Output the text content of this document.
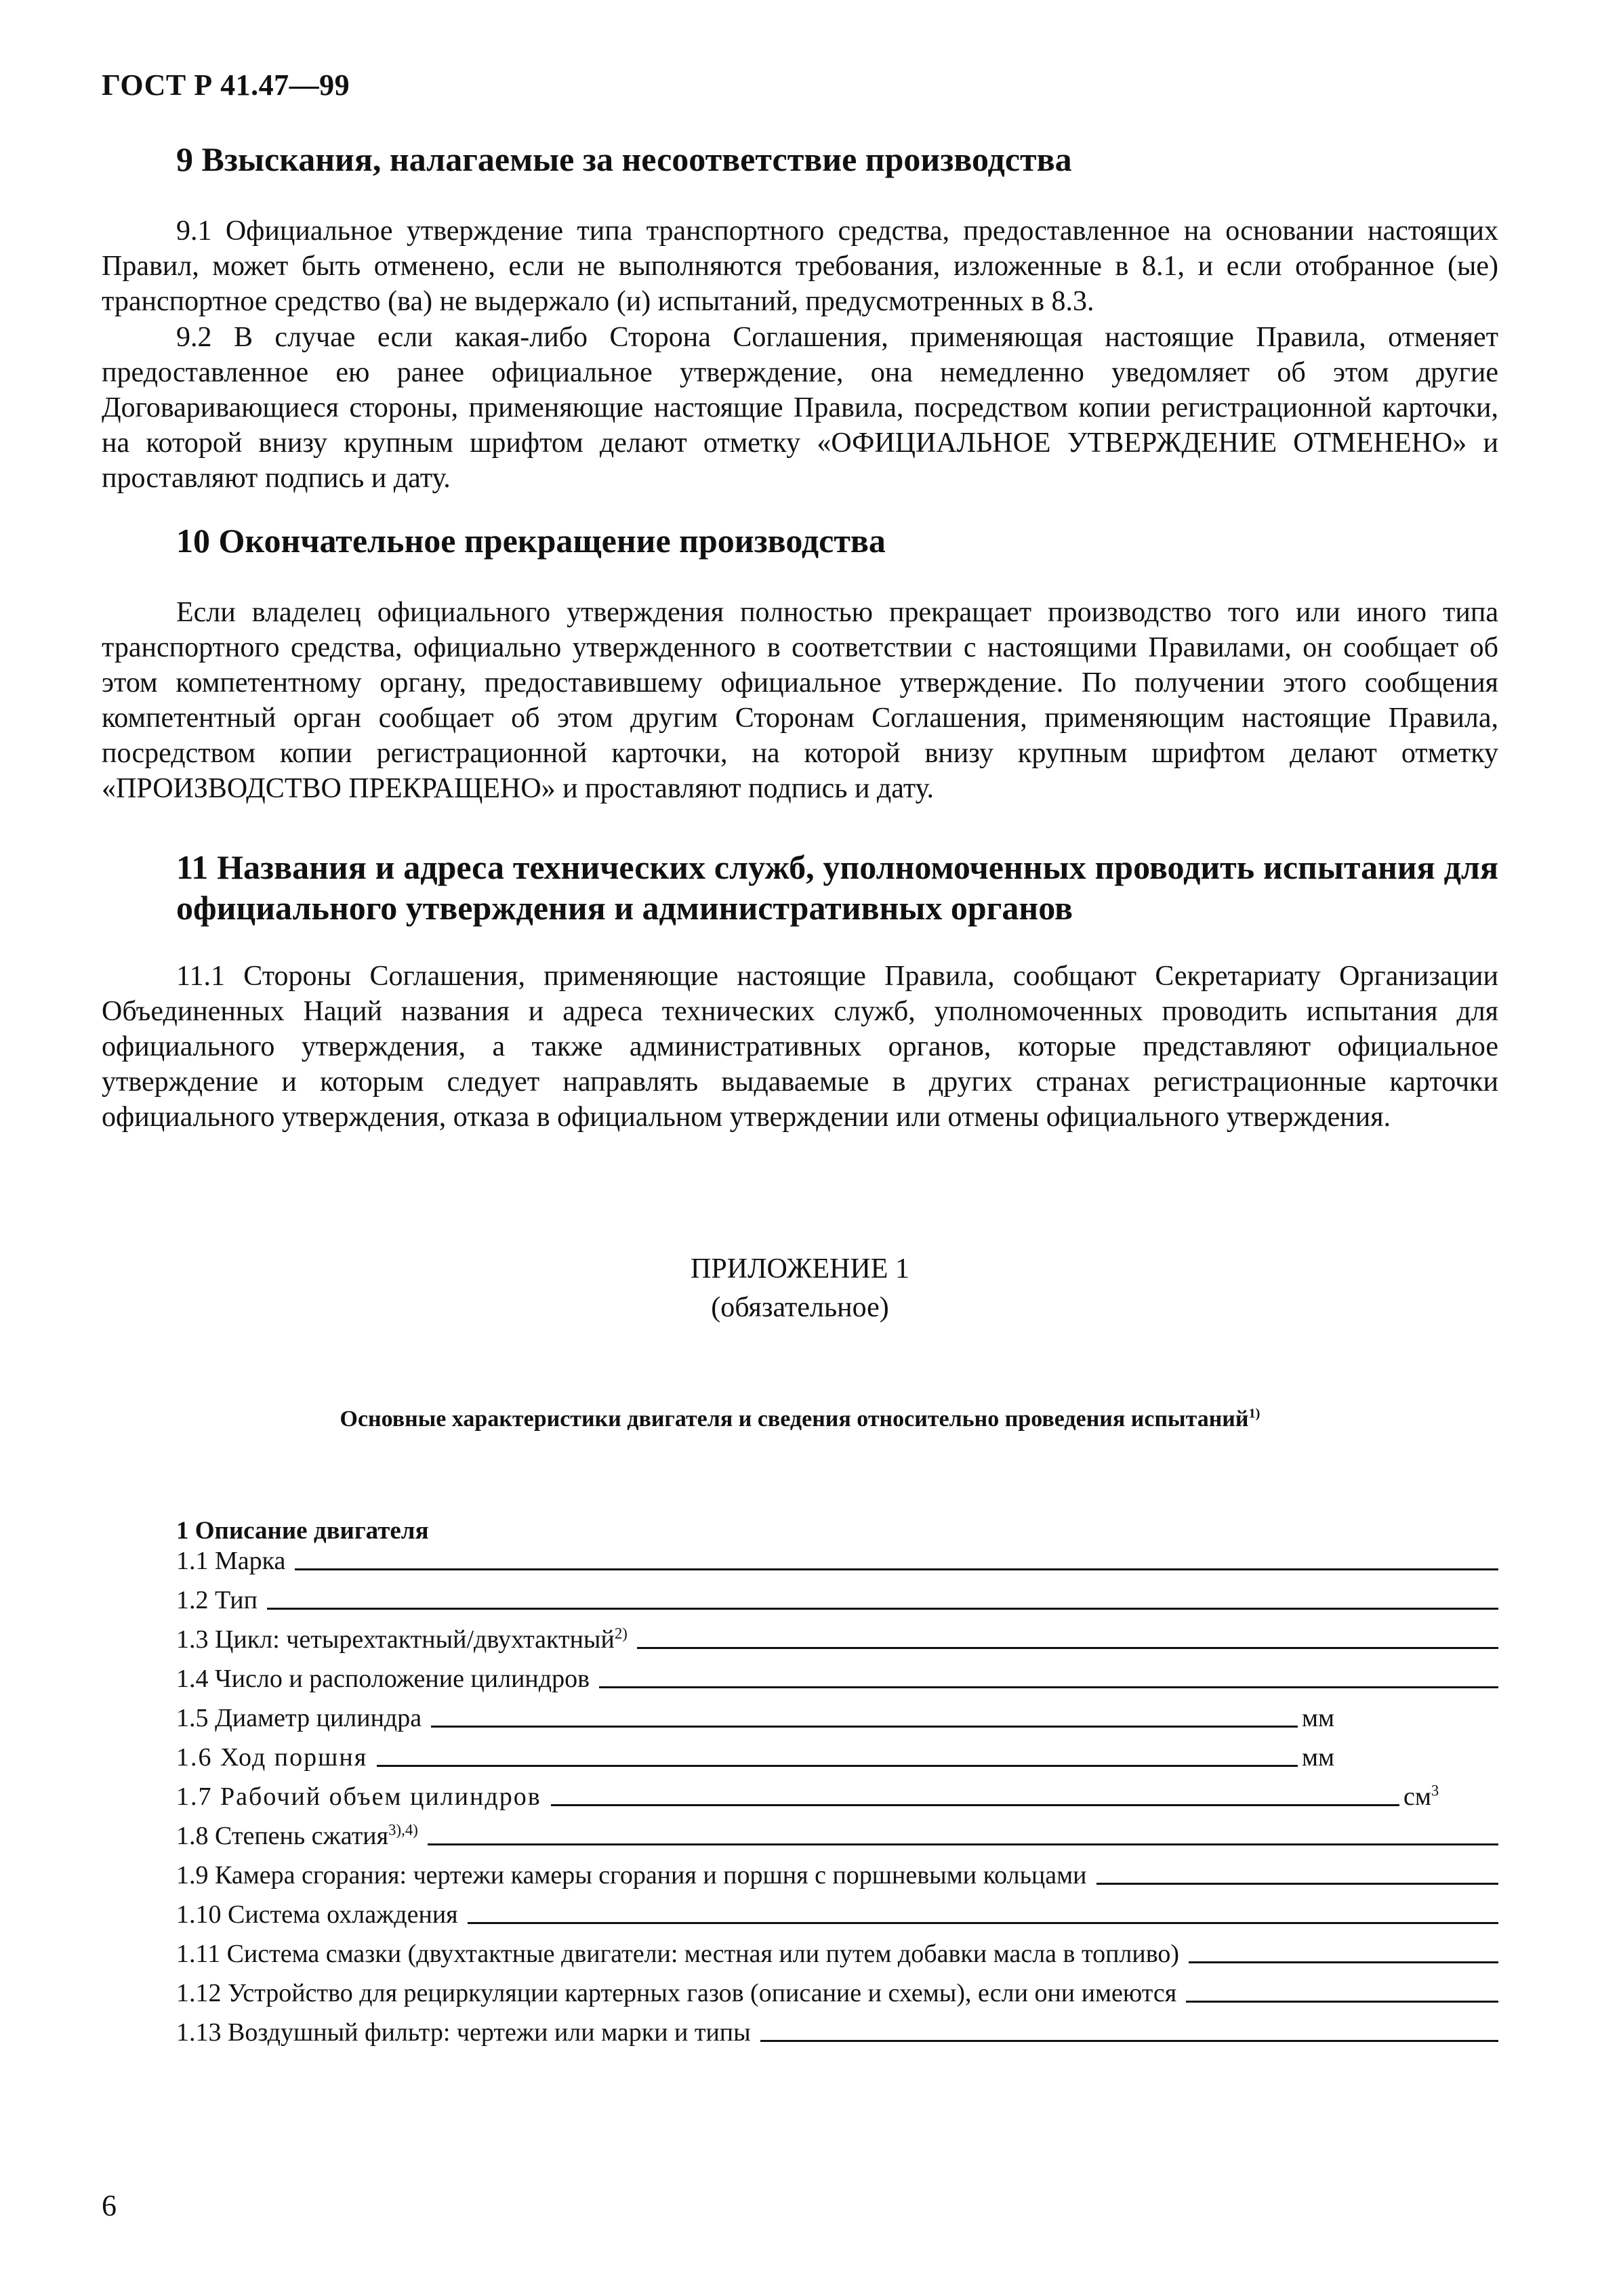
ГОСТ Р 41.47—99
9 Взыскания, налагаемые за несоответствие производства

9.1 Официальное утверждение типа транспортного средства, предоставленное на основании настоящих Правил, может быть отменено, если не выполняются требования, изложенные в 8.1, и если отобранное (ые) транспортное средство (ва) не выдержало (и) испытаний, предусмотренных в 8.3.

9.2 В случае если какая-либо Сторона Соглашения, применяющая настоящие Правила, отменяет предоставленное ею ранее официальное утверждение, она немедленно уведомляет об этом другие Договаривающиеся стороны, применяющие настоящие Правила, посредством копии регистрационной карточки, на которой внизу крупным шрифтом делают отметку «ОФИЦИАЛЬНОЕ УТВЕРЖДЕНИЕ ОТМЕНЕНО» и проставляют подпись и дату.

10 Окончательное прекращение производства

Если владелец официального утверждения полностью прекращает производство того или иного типа транспортного средства, официально утвержденного в соответствии с настоящими Правилами, он сообщает об этом компетентному органу, предоставившему официальное утверждение. По получении этого сообщения компетентный орган сообщает об этом другим Сторонам Соглашения, применяющим настоящие Правила, посредством копии регистрационной карточки, на которой внизу крупным шрифтом делают отметку «ПРОИЗВОДСТВО ПРЕКРАЩЕНО» и проставляют подпись и дату.

11 Названия и адреса технических служб, уполномоченных проводить испытания для официального утверждения и административных органов

11.1 Стороны Соглашения, применяющие настоящие Правила, сообщают Секретариату Организации Объединенных Наций названия и адреса технических служб, уполномоченных проводить испытания для официального утверждения, а также административных органов, которые представляют официальное утверждение и которым следует направлять выдаваемые в других странах регистрационные карточки официального утверждения, отказа в официальном утверждении или отмены официального утверждения.

ПРИЛОЖЕНИЕ 1
(обязательное)
Основные характеристики двигателя и сведения относительно проведения испытаний$^{1)}$
1 Описание двигателя
1.1 Марка
1.2 Тип
1.3 Цикл: четырехтактный/двухтактный$^{2)}$
1.4 Число и расположение цилиндров
1.5 Диаметр цилиндра	мм
1.6 Ход поршня	мм
1.7 Рабочий объем цилиндров	$см^3$
1.8 Степень сжатия$^{3),4)}$
1.9 Камера сгорания: чертежи камеры сгорания и поршня с поршневыми кольцами
1.10 Система охлаждения
1.11 Система смазки (двухтактные двигатели: местная или путем добавки масла в топливо)
1.12 Устройство для рециркуляции картерных газов (описание и схемы), если они имеются
1.13 Воздушный фильтр: чертежи или марки и типы
6
